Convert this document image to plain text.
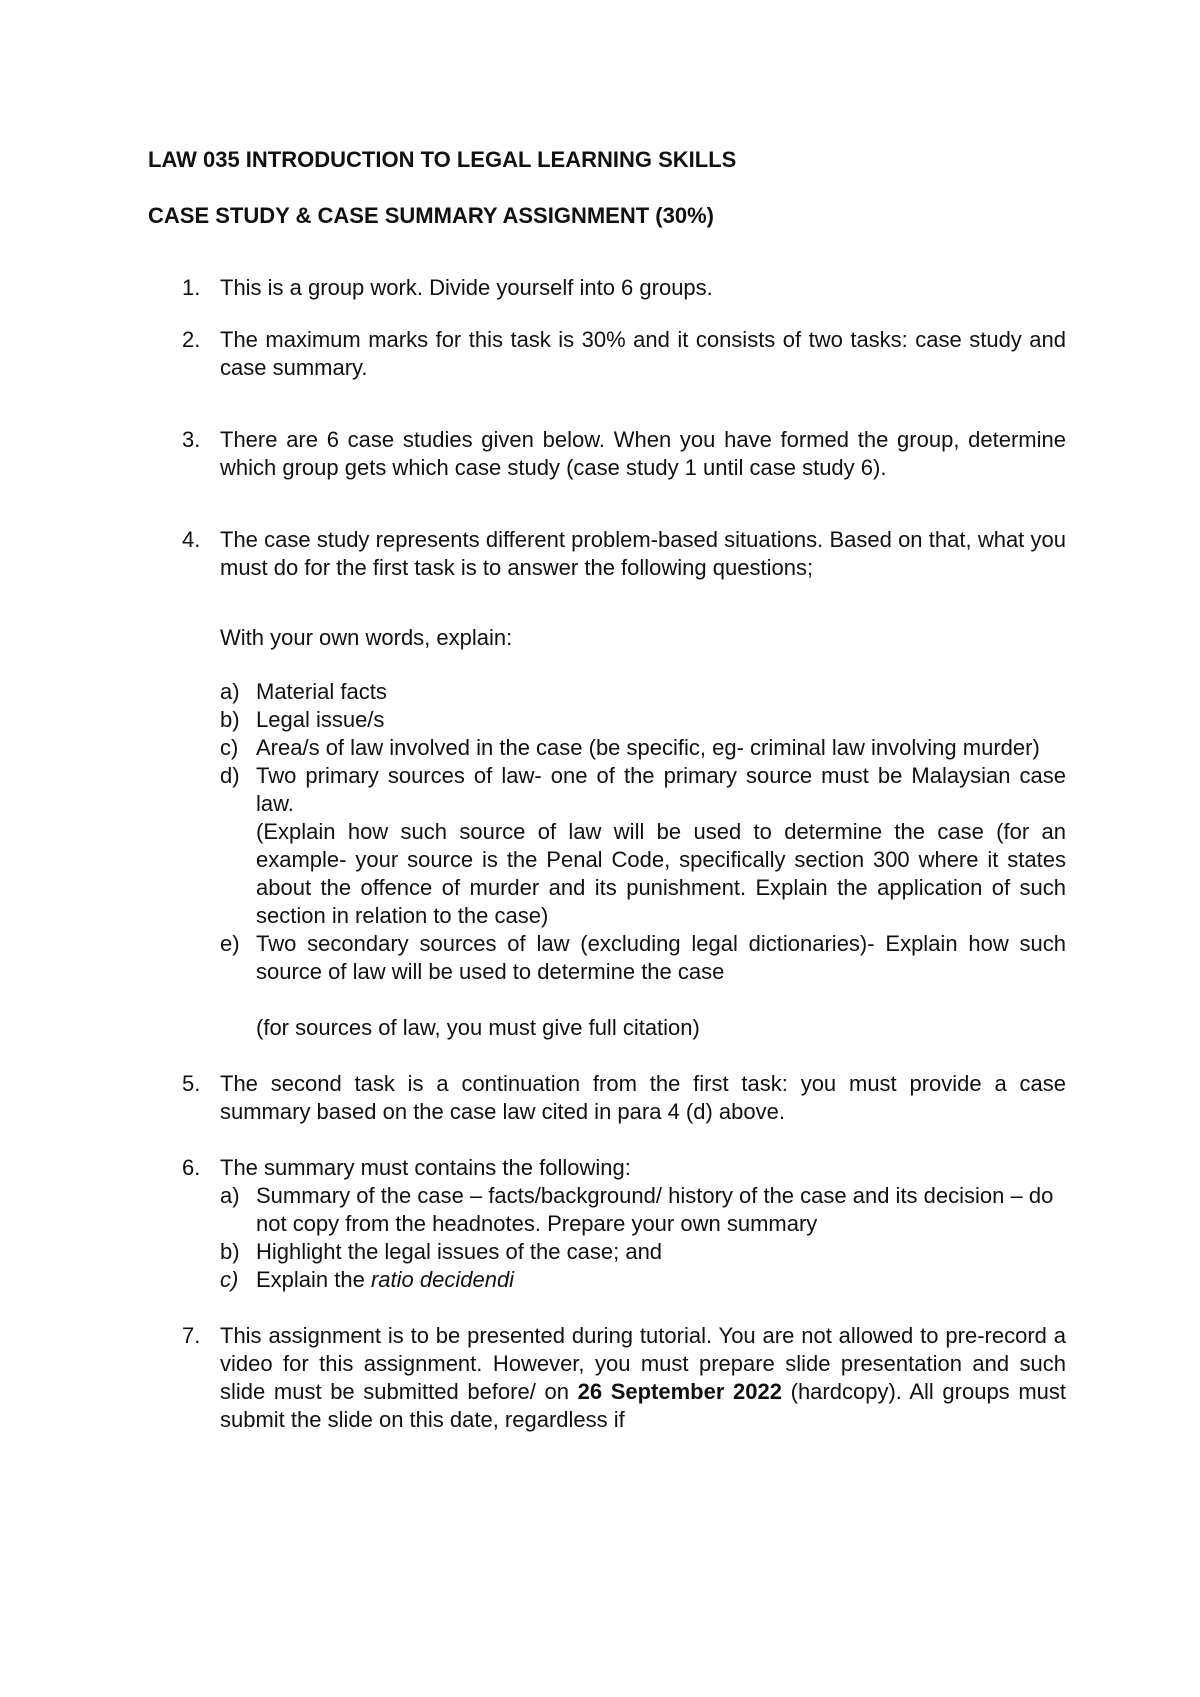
LAW 035 INTRODUCTION TO LEGAL LEARNING SKILLS

CASE STUDY & CASE SUMMARY ASSIGNMENT (30%)

1. This is a group work. Divide yourself into 6 groups.
2. The maximum marks for this task is 30% and it consists of two tasks: case study and case summary.
3. There are 6 case studies given below. When you have formed the group, determine which group gets which case study (case study 1 until case study 6).
4. The case study represents different problem-based situations. Based on that, what you must do for the first task is to answer the following questions;

With your own words, explain:

a) Material facts
b) Legal issue/s
c) Area/s of law involved in the case (be specific, eg- criminal law involving murder)
d) Two primary sources of law- one of the primary source must be Malaysian case law.

(Explain how such source of law will be used to determine the case (for an example- your source is the Penal Code, specifically section 300 where it states about the offence of murder and its punishment. Explain the application of such section in relation to the case)

e) Two secondary sources of law (excluding legal dictionaries)- Explain how such source of law will be used to determine the case

(for sources of law, you must give full citation)

5. The second task is a continuation from the first task: you must provide a case summary based on the case law cited in para 4 (d) above.
6. The summary must contains the following:

a) Summary of the case – facts/background/ history of the case and its decision – do not copy from the headnotes. Prepare your own summary
b) Highlight the legal issues of the case; and
c) Explain the ratio decidendi
7. This assignment is to be presented during tutorial. You are not allowed to pre-record a video for this assignment. However, you must prepare slide presentation and such slide must be submitted before/ on 26 September 2022 (hardcopy). All groups must submit the slide on this date, regardless if
